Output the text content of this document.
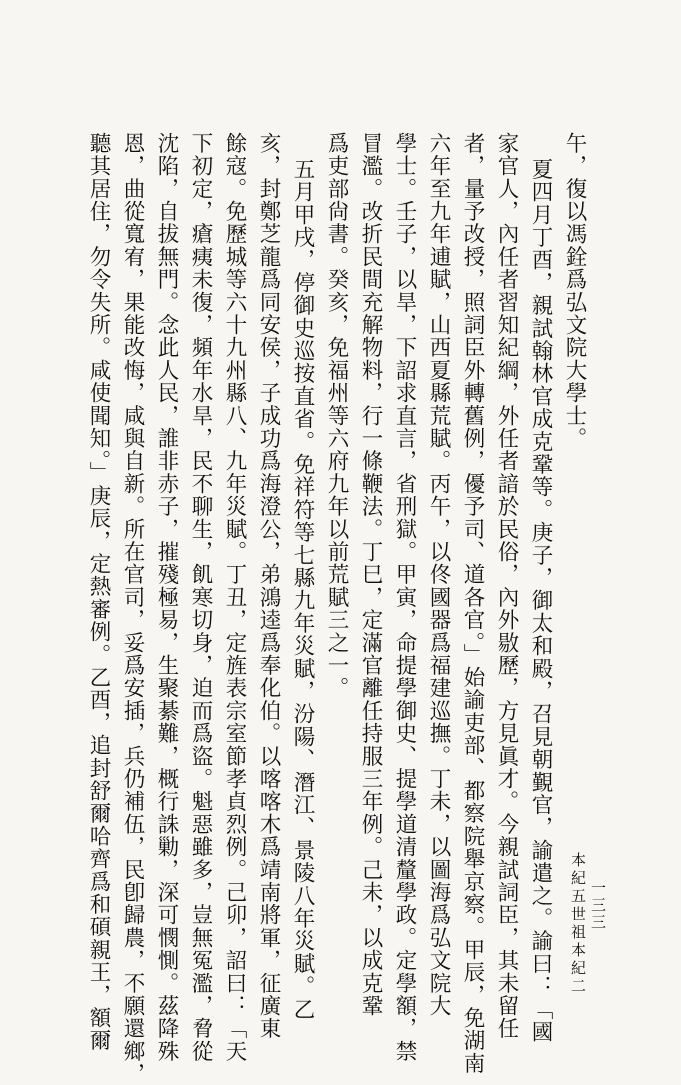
午，復以馮銓爲弘文院大學士。
夏四月丁酉，親試翰林官成克鞏等。庚子，御太和殿，召見朝覲官，諭遣之。諭曰：「國
家官人，內任者習知紀綱，外任者諳於民俗，內外敭歷，方見眞才。今親試詞臣，其未留任
者，量予改授，照詞臣外轉舊例，優予司、道各官。」始諭吏部、都察院舉京察。甲辰，免湖南
六年至九年逋賦，山西夏縣荒賦。丙午，以佟國器爲福建巡撫。丁未，以圖海爲弘文院大
學士。壬子，以旱，下詔求直言，省刑獄。甲寅，命提學御史、提學道清釐學政。定學額，禁
冒濫。改折民間充解物料，行一條鞭法。丁巳，定滿官離任持服三年例。己未，以成克鞏
爲吏部尙書。癸亥，免福州等六府九年以前荒賦三之一。
五月甲戌，停御史巡按直省。免祥符等七縣九年災賦，汾陽、潛江、景陵八年災賦。乙
亥，封鄭芝龍爲同安侯，子成功爲海澄公，弟鴻逵爲奉化伯。以喀喀木爲靖南將軍，征廣東
餘寇。免歷城等六十九州縣八、九年災賦。丁丑，定旌表宗室節孝貞烈例。己卯，詔曰：「天
下初定，瘡痍未復，頻年水旱，民不聊生，飢寒切身，迫而爲盜。魁惡雖多，豈無冤濫，脅從
沈陷，自拔無門。念此人民，誰非赤子，摧殘極易，生聚綦難，概行誅勦，深可憫惻。茲降殊
恩，曲從寬宥，果能改悔，咸與自新。所在官司，妥爲安插，兵仍補伍，民卽歸農，不願還鄉，
聽其居住，勿令失所。咸使聞知。」庚辰，定熱審例。乙酉，追封舒爾哈齊爲和碩親王，額爾	本紀五世祖本紀二
一三三
